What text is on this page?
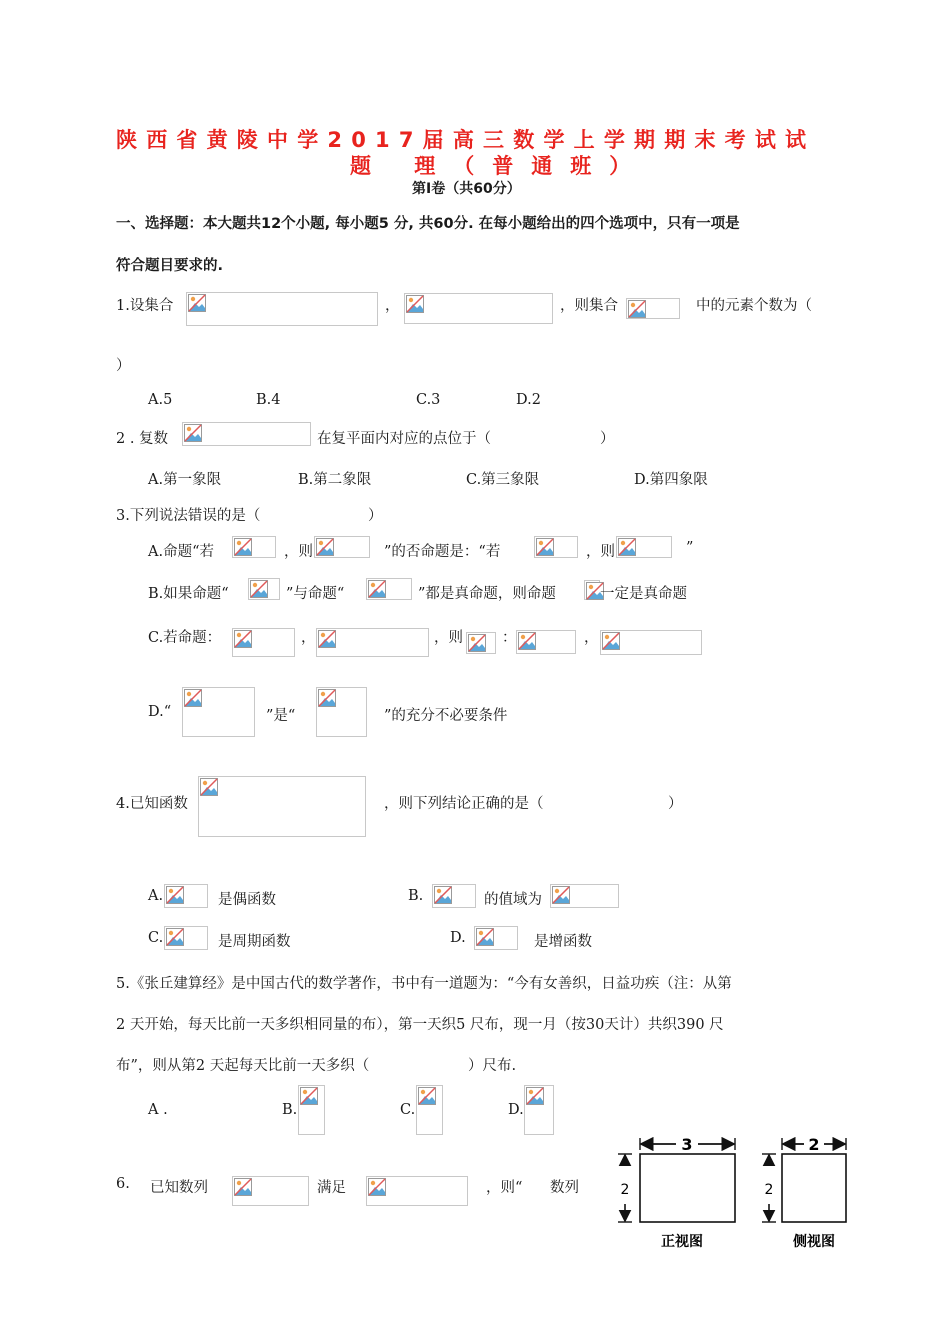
陕西省黄陵中学2017届高三数学上学期期末考试试
题 理（普通班）
第Ⅰ卷（共60分）
一、选择题：本大题共12个小题, 每小题5 分, 共60分. 在每小题给出的四个选项中，只有一项是
符合题目要求的.
1.设集合	，	，则集合	中的元素个数为（
）
A.5	B.4	C.3	D.2
2 . 复数	在复平面内对应的点位于（	）
A.第一象限	B.第二象限	C.第三象限	D.第四象限
3.下列说法错误的是（	）
A.命题“若	，则	”的否命题是：“若	，则	”
B.如果命题“	”与命题“	”都是真命题，则命题	一定是真命题
C.若命题：	，	，则	：	，
D.“	”是“	”的充分不必要条件
4.已知函数	，则下列结论正确的是（	）
A.	是偶函数	B.	的值域为
C.	是周期函数	D.	是增函数
5.《张丘建算经》是中国古代的数学著作，书中有一道题为：“今有女善织，日益功疾（注：从第
2 天开始，每天比前一天多织相同量的布），第一天织5 尺布，现一月（按30天计）共织390 尺
布”，则从第2 天起每天比前一天多织（	）尺布.
A .	B.	C.	D.
6. 已知数列	满足	，则“ 数列
3
2
正视图
2
2
侧视图
